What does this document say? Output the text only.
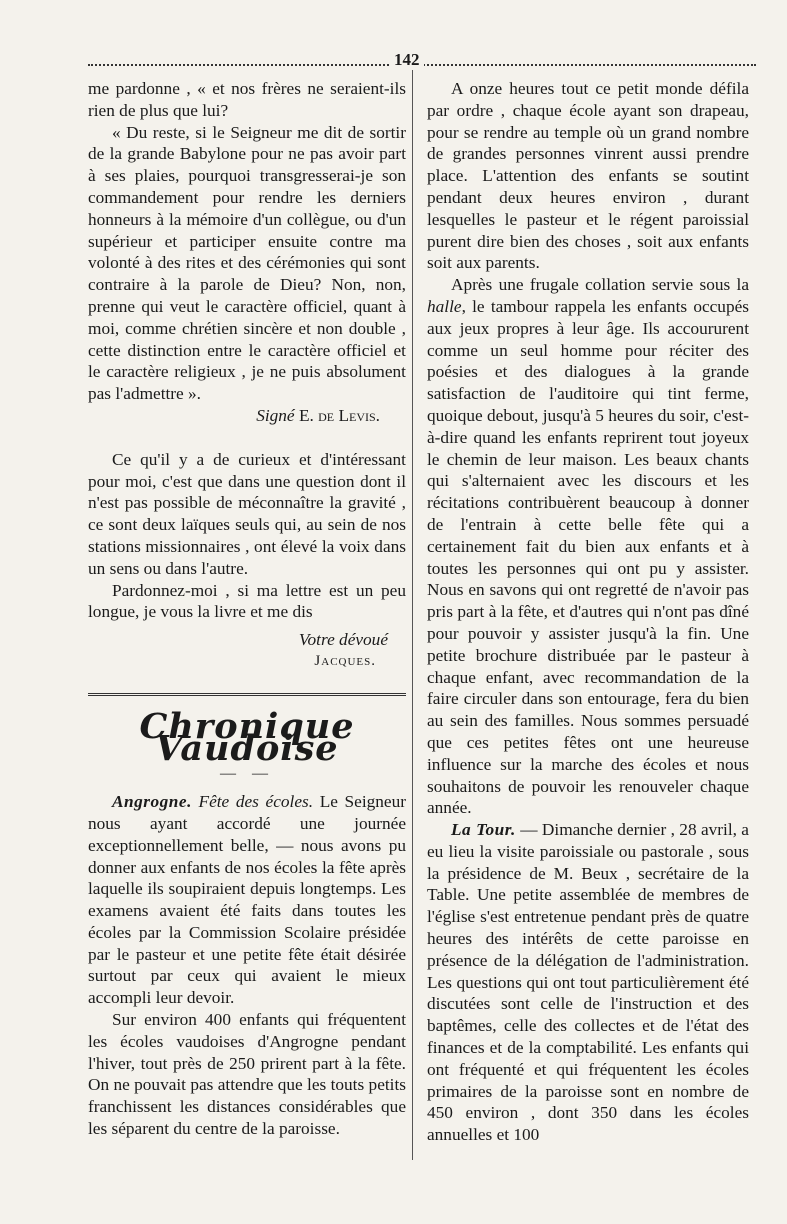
142

me pardonne , « et nos frères ne seraient-ils rien de plus que lui?

« Du reste, si le Seigneur me dit de sortir de la grande Babylone pour ne pas avoir part à ses plaies, pourquoi transgresserai-je son commandement pour rendre les derniers honneurs à la mémoire d'un collègue, ou d'un supérieur et participer ensuite contre ma volonté à des rites et des cérémonies qui sont contraire à la parole de Dieu? Non, non, prenne qui veut le caractère officiel, quant à moi, comme chrétien sincère et non double , cette distinction entre le caractère officiel et le caractère religieux , je ne puis absolument pas l'admettre ».

Signé E. de Levis.

Ce qu'il y a de curieux et d'intéressant pour moi, c'est que dans une question dont il n'est pas possible de méconnaître la gravité , ce sont deux laïques seuls qui, au sein de nos stations missionnaires , ont élevé la voix dans un sens ou dans l'autre.

Pardonnez-moi , si ma lettre est un peu longue, je vous la livre et me dis

Votre dévoué

Jacques.

Chronique Vaudoise
— —

Angrogne. Fête des écoles. Le Seigneur nous ayant accordé une journée exceptionnellement belle, — nous avons pu donner aux enfants de nos écoles la fête après laquelle ils soupiraient depuis longtemps. Les examens avaient été faits dans toutes les écoles par la Commission Scolaire présidée par le pasteur et une petite fête était désirée surtout par ceux qui avaient le mieux accompli leur devoir.

Sur environ 400 enfants qui fréquentent les écoles vaudoises d'Angrogne pendant l'hiver, tout près de 250 prirent part à la fête. On ne pouvait pas attendre que les touts petits franchissent les distances considérables que les séparent du centre de la paroisse.

A onze heures tout ce petit monde défila par ordre , chaque école ayant son drapeau, pour se rendre au temple où un grand nombre de grandes personnes vinrent aussi prendre place. L'attention des enfants se soutint pendant deux heures environ , durant lesquelles le pasteur et le régent paroissial purent dire bien des choses , soit aux enfants soit aux parents.

Après une frugale collation servie sous la halle, le tambour rappela les enfants occupés aux jeux propres à leur âge. Ils accoururent comme un seul homme pour réciter des poésies et des dialogues à la grande satisfaction de l'auditoire qui tint ferme, quoique debout, jusqu'à 5 heures du soir, c'est-à-dire quand les enfants reprirent tout joyeux le chemin de leur maison. Les beaux chants qui s'alternaient avec les discours et les récitations contribuèrent beaucoup à donner de l'entrain à cette belle fête qui a certainement fait du bien aux enfants et à toutes les personnes qui ont pu y assister. Nous en savons qui ont regretté de n'avoir pas pris part à la fête, et d'autres qui n'ont pas dîné pour pouvoir y assister jusqu'à la fin. Une petite brochure distribuée par le pasteur à chaque enfant, avec recommandation de la faire circuler dans son entourage, fera du bien au sein des familles. Nous sommes persuadé que ces petites fêtes ont une heureuse influence sur la marche des écoles et nous souhaitons de pouvoir les renouveler chaque année.

La Tour. — Dimanche dernier , 28 avril, a eu lieu la visite paroissiale ou pastorale , sous la présidence de M. Beux , secrétaire de la Table. Une petite assemblée de membres de l'église s'est entretenue pendant près de quatre heures des intérêts de cette paroisse en présence de la délégation de l'administration. Les questions qui ont tout particulièrement été discutées sont celle de l'instruction et des baptêmes, celle des collectes et de l'état des finances et de la comptabilité. Les enfants qui ont fréquenté et qui fréquentent les écoles primaires de la paroisse sont en nombre de 450 environ , dont 350 dans les écoles annuelles et 100
